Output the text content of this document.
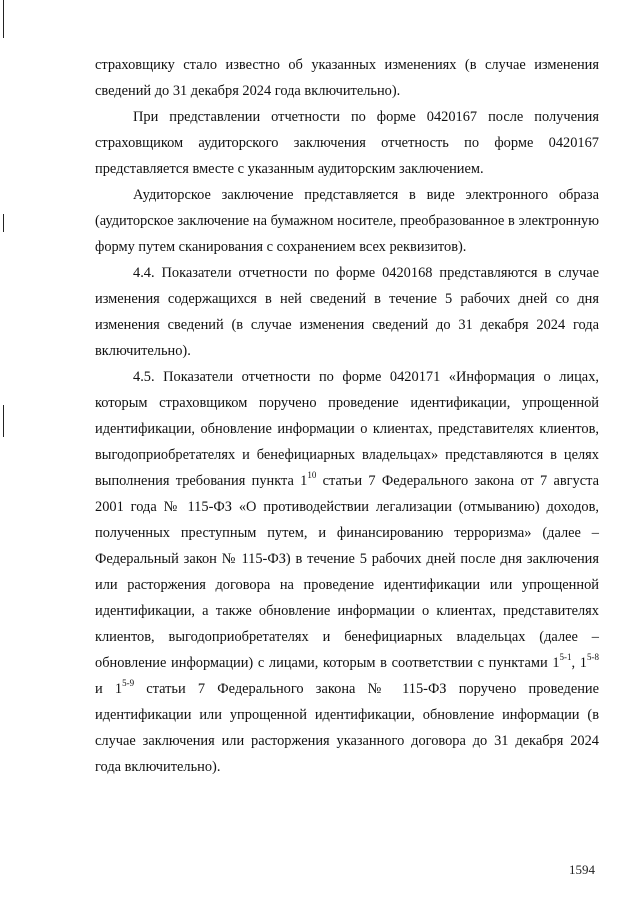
страховщику стало известно об указанных изменениях (в случае изменения сведений до 31 декабря 2024 года включительно).

При представлении отчетности по форме 0420167 после получения страховщиком аудиторского заключения отчетность по форме 0420167 представляется вместе с указанным аудиторским заключением.

Аудиторское заключение представляется в виде электронного образа (аудиторское заключение на бумажном носителе, преобразованное в электронную форму путем сканирования с сохранением всех реквизитов).

4.4. Показатели отчетности по форме 0420168 представляются в случае изменения содержащихся в ней сведений в течение 5 рабочих дней со дня изменения сведений (в случае изменения сведений до 31 декабря 2024 года включительно).

4.5. Показатели отчетности по форме 0420171 «Информация о лицах, которым страховщиком поручено проведение идентификации, упрощенной идентификации, обновление информации о клиентах, представителях клиентов, выгодоприобретателях и бенефициарных владельцах» представляются в целях выполнения требования пункта $1^{10}$ статьи 7 Федерального закона от 7 августа 2001 года № 115-ФЗ «О противодействии легализации (отмыванию) доходов, полученных преступным путем, и финансированию терроризма» (далее – Федеральный закон № 115-ФЗ) в течение 5 рабочих дней после дня заключения или расторжения договора на проведение идентификации или упрощенной идентификации, а также обновление информации о клиентах, представителях клиентов, выгодоприобретателях и бенефициарных владельцах (далее – обновление информации) с лицами, которым в соответствии с пунктами 1$^{5-1}$, 1$^{5-8}$ и 1$^{5-9}$ статьи 7 Федерального закона № 115-ФЗ поручено проведение идентификации или упрощенной идентификации, обновление информации (в случае заключения или расторжения указанного договора до 31 декабря 2024 года включительно).

1594
